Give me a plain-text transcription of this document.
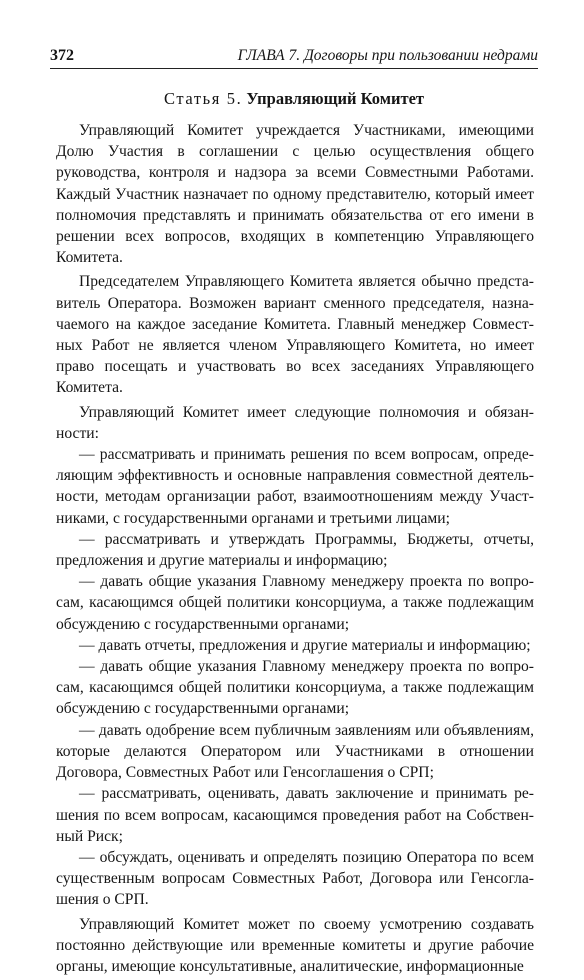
372	ГЛАВА 7. Договоры при пользовании недрами
Статья 5. Управляющий Комитет

Управляющий Комитет учреждается Участниками, имеющими Долю Участия в соглашении с целью осуществления общего руководства, контроля и надзора за всеми Совместными Работами. Каждый Участник назначает по одному представителю, который имеет полномочия представлять и принимать обязательства от его имени в решении всех вопросов, входящих в компетенцию Управляющего Комитета.

Председателем Управляющего Комитета является обычно представитель Оператора. Возможен вариант сменного председателя, назначаемого на каждое заседание Комитета. Главный менеджер Совместных Работ не является членом Управляющего Комитета, но имеет право посещать и участвовать во всех заседаниях Управляющего Комитета.

Управляющий Комитет имеет следующие полномочия и обязанности:

— рассматривать и принимать решения по всем вопросам, определяющим эффективность и основные направления совместной деятельности, методам организации работ, взаимоотношениям между Участниками, с государственными органами и третьими лицами;

— рассматривать и утверждать Программы, Бюджеты, отчеты, предложения и другие материалы и информацию;

— давать общие указания Главному менеджеру проекта по вопросам, касающимся общей политики консорциума, а также подлежащим обсуждению с государственными органами;

— давать отчеты, предложения и другие материалы и информацию;

— давать общие указания Главному менеджеру проекта по вопросам, касающимся общей политики консорциума, а также подлежащим обсуждению с государственными органами;

— давать одобрение всем публичным заявлениям или объявлениям, которые делаются Оператором или Участниками в отношении Договора, Совместных Работ или Генсоглашения о СРП;

— рассматривать, оценивать, давать заключение и принимать решения по всем вопросам, касающимся проведения работ на Собственный Риск;

— обсуждать, оценивать и определять позицию Оператора по всем существенным вопросам Совместных Работ, Договора или Генсоглашения о СРП.

Управляющий Комитет может по своему усмотрению создавать постоянно действующие или временные комитеты и другие рабочие органы, имеющие консультативные, аналитические, информационные
